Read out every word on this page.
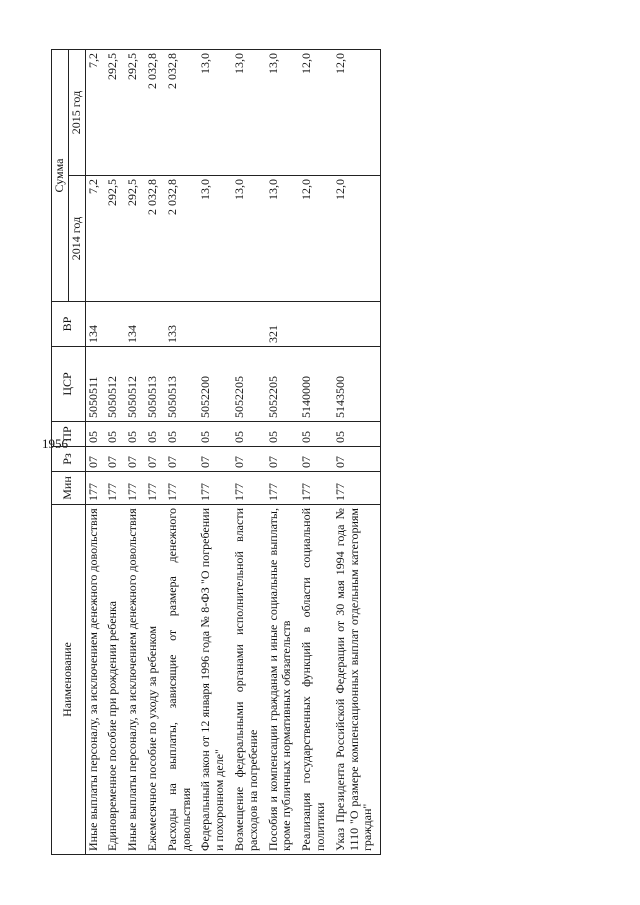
1956
Наименование	Мин	Рз	ПР	ЦСР	ВР	Сумма	
						2014 год	2015 год
Иные выплаты персоналу, за исключением денежного довольствия	177	07	05	5050511	134	7,2	7,2
Единовременное пособие при рождении ребенка	177	07	05	5050512		292,5	292,5
Иные выплаты персоналу, за исключением денежного довольствия	177	07	05	5050512	134	292,5	292,5
Ежемесячное пособие по уходу за ребенком	177	07	05	5050513		2 032,8	2 032,8
Расходы на выплаты, зависящие от размера денежного довольствия	177	07	05	5050513	133	2 032,8	2 032,8
Федеральный закон от 12 января 1996 года № 8-ФЗ "О погребении и похоронном деле"	177	07	05	5052200		13,0	13,0
Возмещение федеральными органами исполнительной власти расходов на погребение	177	07	05	5052205		13,0	13,0
Пособия и компенсации гражданам и иные социальные выплаты, кроме публичных нормативных обязательств	177	07	05	5052205	321	13,0	13,0
Реализация государственных функций в области социальной политики	177	07	05	5140000		12,0	12,0
Указ Президента Российской Федерации от 30 мая 1994 года № 1110 "О размере компенсационных выплат отдельным категориям граждан"	177	07	05	5143500		12,0	12,0
